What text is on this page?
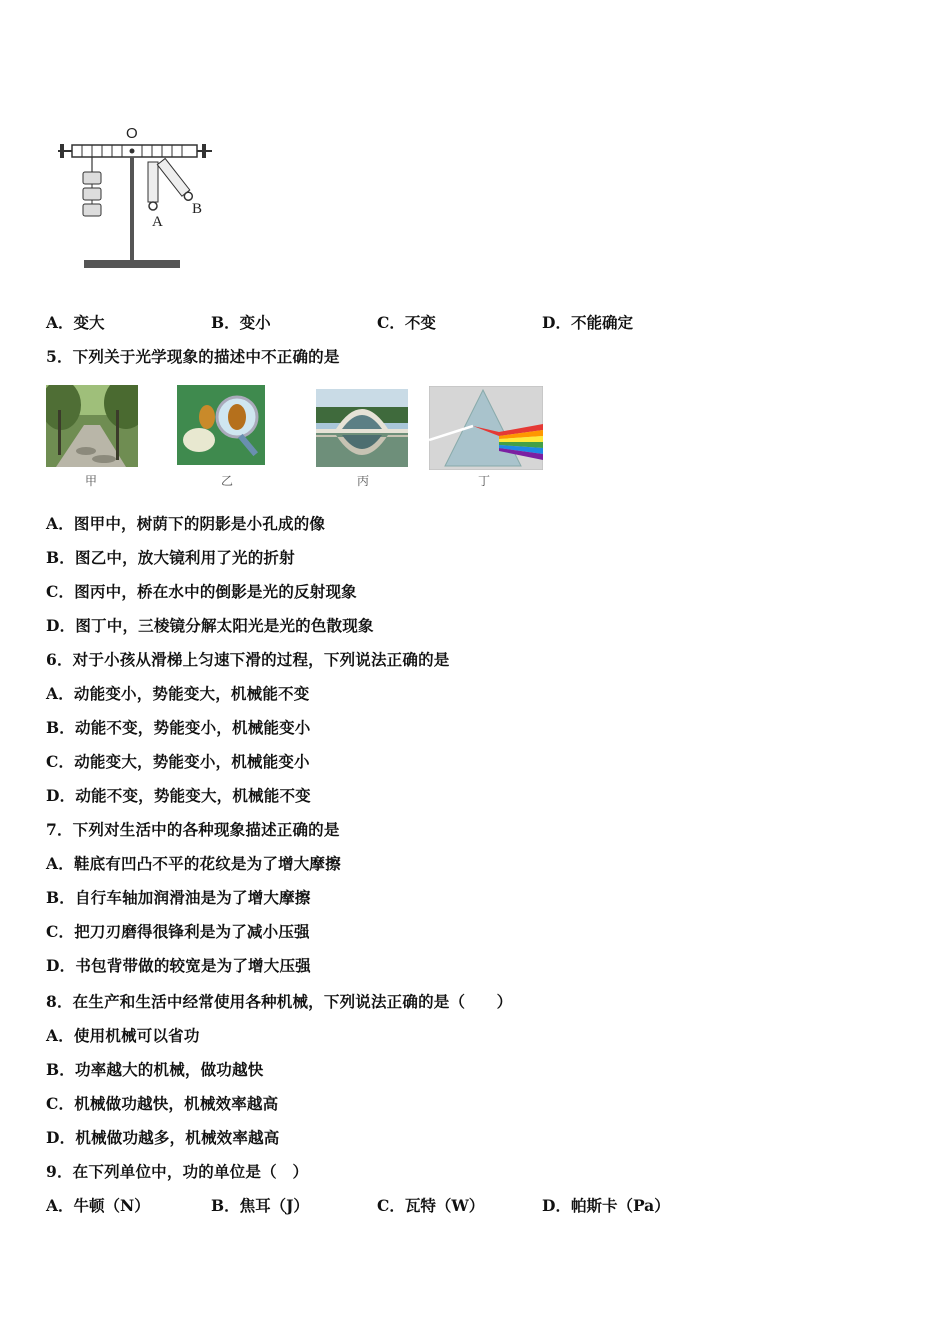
O
A
B
A．变大	B．变小	C．不变	D．不能确定
5．下列关于光学现象的描述中不正确的是
甲	乙	丙	丁
A．图甲中，树荫下的阴影是小孔成的像
B．图乙中，放大镜利用了光的折射
C．图丙中，桥在水中的倒影是光的反射现象
D．图丁中，三棱镜分解太阳光是光的色散现象
6．对于小孩从滑梯上匀速下滑的过程，下列说法正确的是
A．动能变小，势能变大，机械能不变
B．动能不变，势能变小，机械能变小
C．动能变大，势能变小，机械能变小
D．动能不变，势能变大，机械能不变
7．下列对生活中的各种现象描述正确的是
A．鞋底有凹凸不平的花纹是为了增大摩擦
B．自行车轴加润滑油是为了增大摩擦
C．把刀刃磨得很锋利是为了减小压强
D．书包背带做的较宽是为了增大压强
8．在生产和生活中经常使用各种机械，下列说法正确的是（　　）
A．使用机械可以省功
B．功率越大的机械，做功越快
C．机械做功越快，机械效率越高
D．机械做功越多，机械效率越高
9．在下列单位中，功的单位是（　）
A．牛顿（N）	B．焦耳（J）	C．瓦特（W）	D．帕斯卡（Pa）
